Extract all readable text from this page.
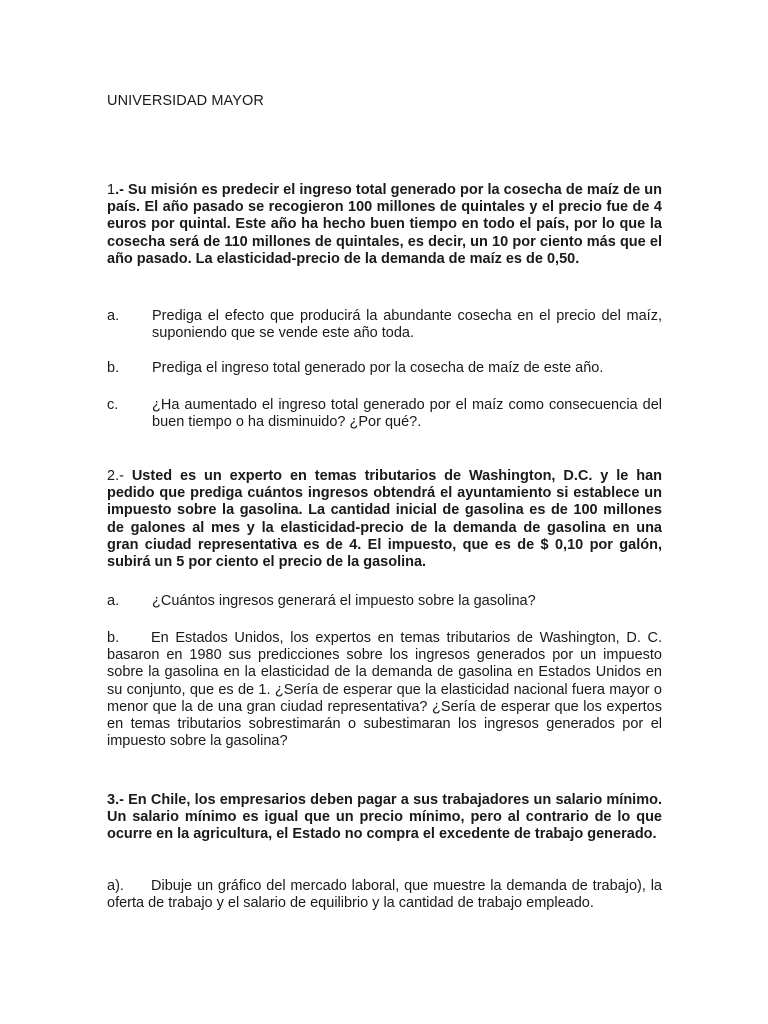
UNIVERSIDAD MAYOR
1.- Su misión es predecir el ingreso total generado por la cosecha de maíz de un país. El año pasado se recogieron 100 millones de quintales y el precio fue de 4 euros por quintal. Este año ha hecho buen tiempo en todo el país, por lo que la cosecha será de 110 millones de quintales, es decir, un 10 por ciento más que el año pasado. La elasticidad-precio de la demanda de maíz es de 0,50.
a. Prediga el efecto que producirá la abundante cosecha en el precio del maíz, suponiendo que se vende este año toda.
b. Prediga el ingreso total generado por la cosecha de maíz de este año.
c. ¿Ha aumentado el ingreso total generado por el maíz como consecuencia del buen tiempo o ha disminuido? ¿Por qué?.
2.- Usted es un experto en temas tributarios de Washington, D.C. y le han pedido que prediga cuántos ingresos obtendrá el ayuntamiento si establece un impuesto sobre la gasolina. La cantidad inicial de gasolina es de 100 millones de galones al mes y la elasticidad-precio de la demanda de gasolina en una gran ciudad representativa es de 4. El impuesto, que es de $ 0,10 por galón, subirá un 5 por ciento el precio de la gasolina.
a. ¿Cuántos ingresos generará el impuesto sobre la gasolina?
b. En Estados Unidos, los expertos en temas tributarios de Washington, D. C. basaron en 1980 sus predicciones sobre los ingresos generados por un impuesto sobre la gasolina en la elasticidad de la demanda de gasolina en Estados Unidos en su conjunto, que es de 1. ¿Sería de esperar que la elasticidad nacional fuera mayor o menor que la de una gran ciudad representativa? ¿Sería de esperar que los expertos en temas tributarios sobrestimarán o subestimaran los ingresos generados por el impuesto sobre la gasolina?
3.- En Chile, los empresarios deben pagar a sus trabajadores un salario mínimo. Un salario mínimo es igual que un precio mínimo, pero al contrario de lo que ocurre en la agricultura, el Estado no compra el excedente de trabajo generado.
a). Dibuje un gráfico del mercado laboral, que muestre la demanda de trabajo), la oferta de trabajo y el salario de equilibrio y la cantidad de trabajo empleado.
